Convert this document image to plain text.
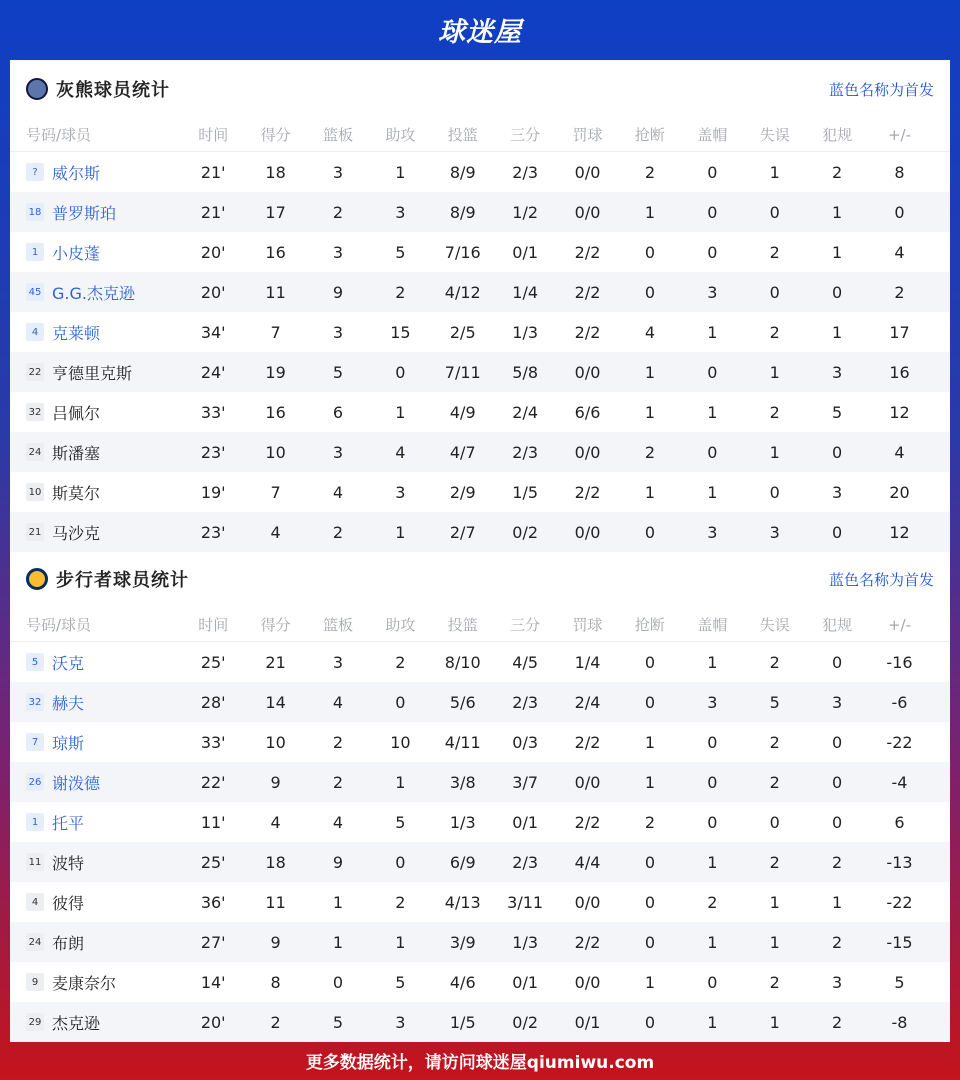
球迷屋
灰熊球员统计	蓝色名称为首发
号码/球员	时间	得分	篮板	助攻	投篮	三分	罚球	抢断	盖帽	失误	犯规	+/-
? 威尔斯	21'	18	3	1	8/9	2/3	0/0	2	0	1	2	8
18 普罗斯珀	21'	17	2	3	8/9	1/2	0/0	1	0	0	1	0
1 小皮蓬	20'	16	3	5	7/16	0/1	2/2	0	0	2	1	4
45 G.G.杰克逊	20'	11	9	2	4/12	1/4	2/2	0	3	0	0	2
4 克莱顿	34'	7	3	15	2/5	1/3	2/2	4	1	2	1	17
22 亨德里克斯	24'	19	5	0	7/11	5/8	0/0	1	0	1	3	16
32 吕佩尔	33'	16	6	1	4/9	2/4	6/6	1	1	2	5	12
24 斯潘塞	23'	10	3	4	4/7	2/3	0/0	2	0	1	0	4
10 斯莫尔	19'	7	4	3	2/9	1/5	2/2	1	1	0	3	20
21 马沙克	23'	4	2	1	2/7	0/2	0/0	0	3	3	0	12
步行者球员统计	蓝色名称为首发
号码/球员	时间	得分	篮板	助攻	投篮	三分	罚球	抢断	盖帽	失误	犯规	+/-
5 沃克	25'	21	3	2	8/10	4/5	1/4	0	1	2	0	-16
32 赫夫	28'	14	4	0	5/6	2/3	2/4	0	3	5	3	-6
7 琼斯	33'	10	2	10	4/11	0/3	2/2	1	0	2	0	-22
26 谢泼德	22'	9	2	1	3/8	3/7	0/0	1	0	2	0	-4
1 托平	11'	4	4	5	1/3	0/1	2/2	2	0	0	0	6
11 波特	25'	18	9	0	6/9	2/3	4/4	0	1	2	2	-13
4 彼得	36'	11	1	2	4/13	3/11	0/0	0	2	1	1	-22
24 布朗	27'	9	1	1	3/9	1/3	2/2	0	1	1	2	-15
9 麦康奈尔	14'	8	0	5	4/6	0/1	0/0	1	0	2	3	5
29 杰克逊	20'	2	5	3	1/5	0/2	0/1	0	1	1	2	-8
更多数据统计，请访问球迷屋qiumiwu.com
